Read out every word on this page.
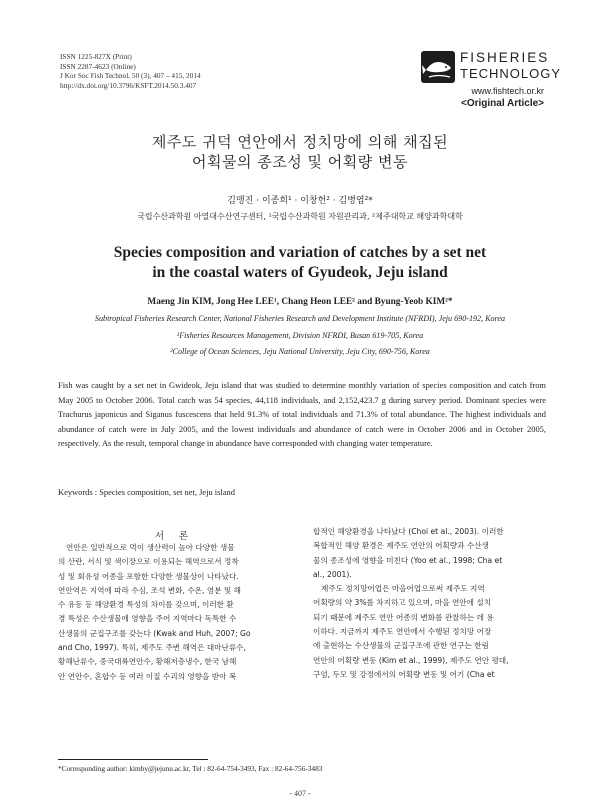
ISSN 1225-827X (Print)
ISSN 2287-4623 (Online)
J Kor Soc Fish Technol, 50 (3), 407 – 415, 2014
http://dx.doi.org/10.3796/KSFT.2014.50.3.407
FISHERIES
TECHNOLOGY
www.fishtech.or.kr
<Original Article>
제주도 귀덕 연안에서 정치망에 의해 채집된
어획물의 종조성 및 어획량 변동
김맹진 · 이종희¹ · 이창헌² · 김병엽²*
국립수산과학원 아열대수산연구센터, ¹국립수산과학원 자원관리과, ²제주대학교 해양과학대학
Species composition and variation of catches by a set net
in the coastal waters of Gyudeok, Jeju island
Maeng Jin KIM, Jong Hee LEE¹, Chang Heon LEE² and Byung-Yeob KIM²*
Subtropical Fisheries Research Center, National Fisheries Research and Development Institute (NFRDI), Jeju 690-192, Korea
¹Fisheries Resources Management, Division NFRDI, Busan 619-705, Korea
²College of Ocean Sciences, Jeju National University, Jeju City, 690-756, Korea
Fish was caught by a set net in Gwideok, Jeju island that was studied to determine monthly variation of species composition and catch from May 2005 to October 2006. Total catch was 54 species, 44,118 individuals, and 2,152,423.7 g during survey period. Dominant species were Trachurus japonicus and Siganus fuscescens that held 91.3% of total individuals and 71.3% of total abundance. The highest individuals and abundance of catch were in July 2005, and the lowest individuals and abundance of catch were in October 2006 and in October 2005, respectively. As the result, temporal change in abundance have corresponded with changing water temperature.
Keywords : Species composition, set net, Jeju island
서 론
연안은 일반적으로 먹이 생산력이 높아 다양한 생물
의 산란, 서식 및 색이장으로 이용되는 해역으로서 정착
성 및 회유성 어종을 포함한 다양한 생물상이 나타났다.
연안역은 지역에 따라 수심, 조석 변화, 수온, 염분 및 해
수 유동 등 해양환경 특성의 차이를 갖으며, 이러한 환
경 특성은 수산생물에 영향을 주어 지역마다 독특한 수
산생물의 군집구조를 갖는다 (Kwak and Huh, 2007; Go
and Cho, 1997). 특히, 제주도 주변 해역은 대마난류수,
황해난류수, 중국대륙연안수, 황해저층냉수, 한국 남해
안 연안수, 혼합수 등 여러 이질 수괴의 영향을 받아 복
합적인 해양환경을 나타났다 (Choi et al., 2003). 이러한
복합적인 해양 환경은 제주도 연안의 어획량과 수산생
물의 종조성에 영향을 미친다 (Yoo et al., 1998; Cha et
al., 2001).
제주도 정치망어업은 마을어업으로써 제주도 지역
어획량의 약 3%를 차지하고 있으며, 마을 연안에 설치
되기 때문에 제주도 연안 어종의 변화를 관찰하는 데 용
이하다. 지금까지 제주도 연안에서 수행된 정치망 어장
에 출현하는 수산생물의 군집구조에 관한 연구는 한림
연안의 어획량 변동 (Kim et al., 1999), 제주도 연안 평대,
구엄, 두모 및 강정에서의 어획량 변동 및 어기 (Cha et
*Corresponding author: kimby@jejunu.ac.kr, Tel : 82-64-754-3493, Fax : 82-64-756-3483
- 407 -
